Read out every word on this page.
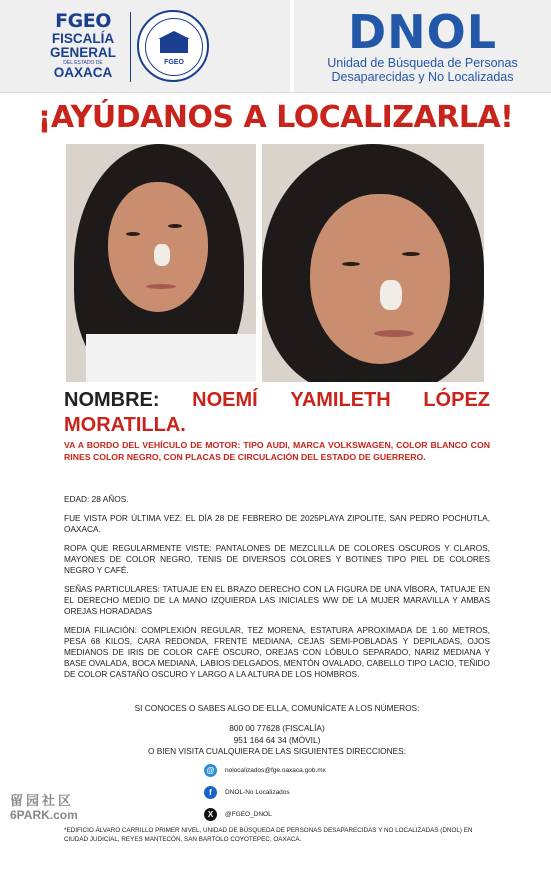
FGEO
FISCALÍA
GENERAL
DEL ESTADO DE
OAXACA
FGEO
DNOL
Unidad de Búsqueda de Personas
Desaparecidas y No Localizadas
¡AYÚDANOS A LOCALIZARLA!
NOMBRE: NOEMÍ YAMILETH LÓPEZ
MORATILLA.
VA A BORDO DEL VEHÍCULO DE MOTOR: TIPO AUDI, MARCA VOLKSWAGEN, COLOR BLANCO CON RINES COLOR NEGRO, CON PLACAS DE CIRCULACIÓN DEL ESTADO DE GUERRERO.

EDAD: 28 AÑOS.

FUE VISTA POR ÚLTIMA VEZ: EL DÍA 28 DE FEBRERO DE 2025PLAYA ZIPOLITE, SAN PEDRO POCHUTLA, OAXACA.

ROPA QUE REGULARMENTE VISTE: PANTALONES DE MEZCLILLA DE COLORES OSCUROS Y CLAROS, MAYONES DE COLOR NEGRO, TENIS DE DIVERSOS COLORES Y BOTINES TIPO PIEL DE COLORES NEGRO Y CAFÉ.

SEÑAS PARTICULARES: TATUAJE EN EL BRAZO DERECHO CON LA FIGURA DE UNA VÍBORA, TATUAJE EN EL DERECHO MEDIO DE LA MANO IZQUIERDA LAS INICIALES WW DE LA MUJER MARAVILLA Y AMBAS OREJAS HORADADAS

MEDIA FILIACIÓN: COMPLEXIÓN REGULAR, TEZ MORENA, ESTATURA APROXIMADA DE 1.60 METROS, PESA 68 KILOS, CARA REDONDA, FRENTE MEDIANA, CEJAS SEMI-POBLADAS Y DEPILADAS, OJOS MEDIANOS DE IRIS DE COLOR CAFÉ OSCURO, OREJAS CON LÓBULO SEPARADO, NARIZ MEDIANA Y BASE OVALADA, BOCA MEDIANA, LABIOS DELGADOS, MENTÓN OVALADO, CABELLO TIPO LACIO, TEÑIDO DE COLOR CASTAÑO OSCURO Y LARGO A LA ALTURA DE LOS HOMBROS.

SI CONOCES O SABES ALGO DE ELLA, COMUNÍCATE A LOS NÚMEROS:
800 00 77628 (FISCALÍA)
951 164 64 34 (MÓVIL)
O BIEN VISITA CUALQUIERA DE LAS SIGUIENTES DIRECCIONES:
@ nolocalizados@fge.oaxaca.gob.mx
f DNOL-No Localizados
X @FGEO_DNOL
*EDIFICIO ÁLVARO CARRILLO PRIMER NIVEL, UNIDAD DE BÚSQUEDA DE PERSONAS DESAPARECIDAS Y NO LOCALIZADAS (DNOL) EN CIUDAD JUDICIAL, REYES MANTECÓN, SAN BARTOLO COYOTEPEC, OAXACA.
留园社区
6PARK.com
